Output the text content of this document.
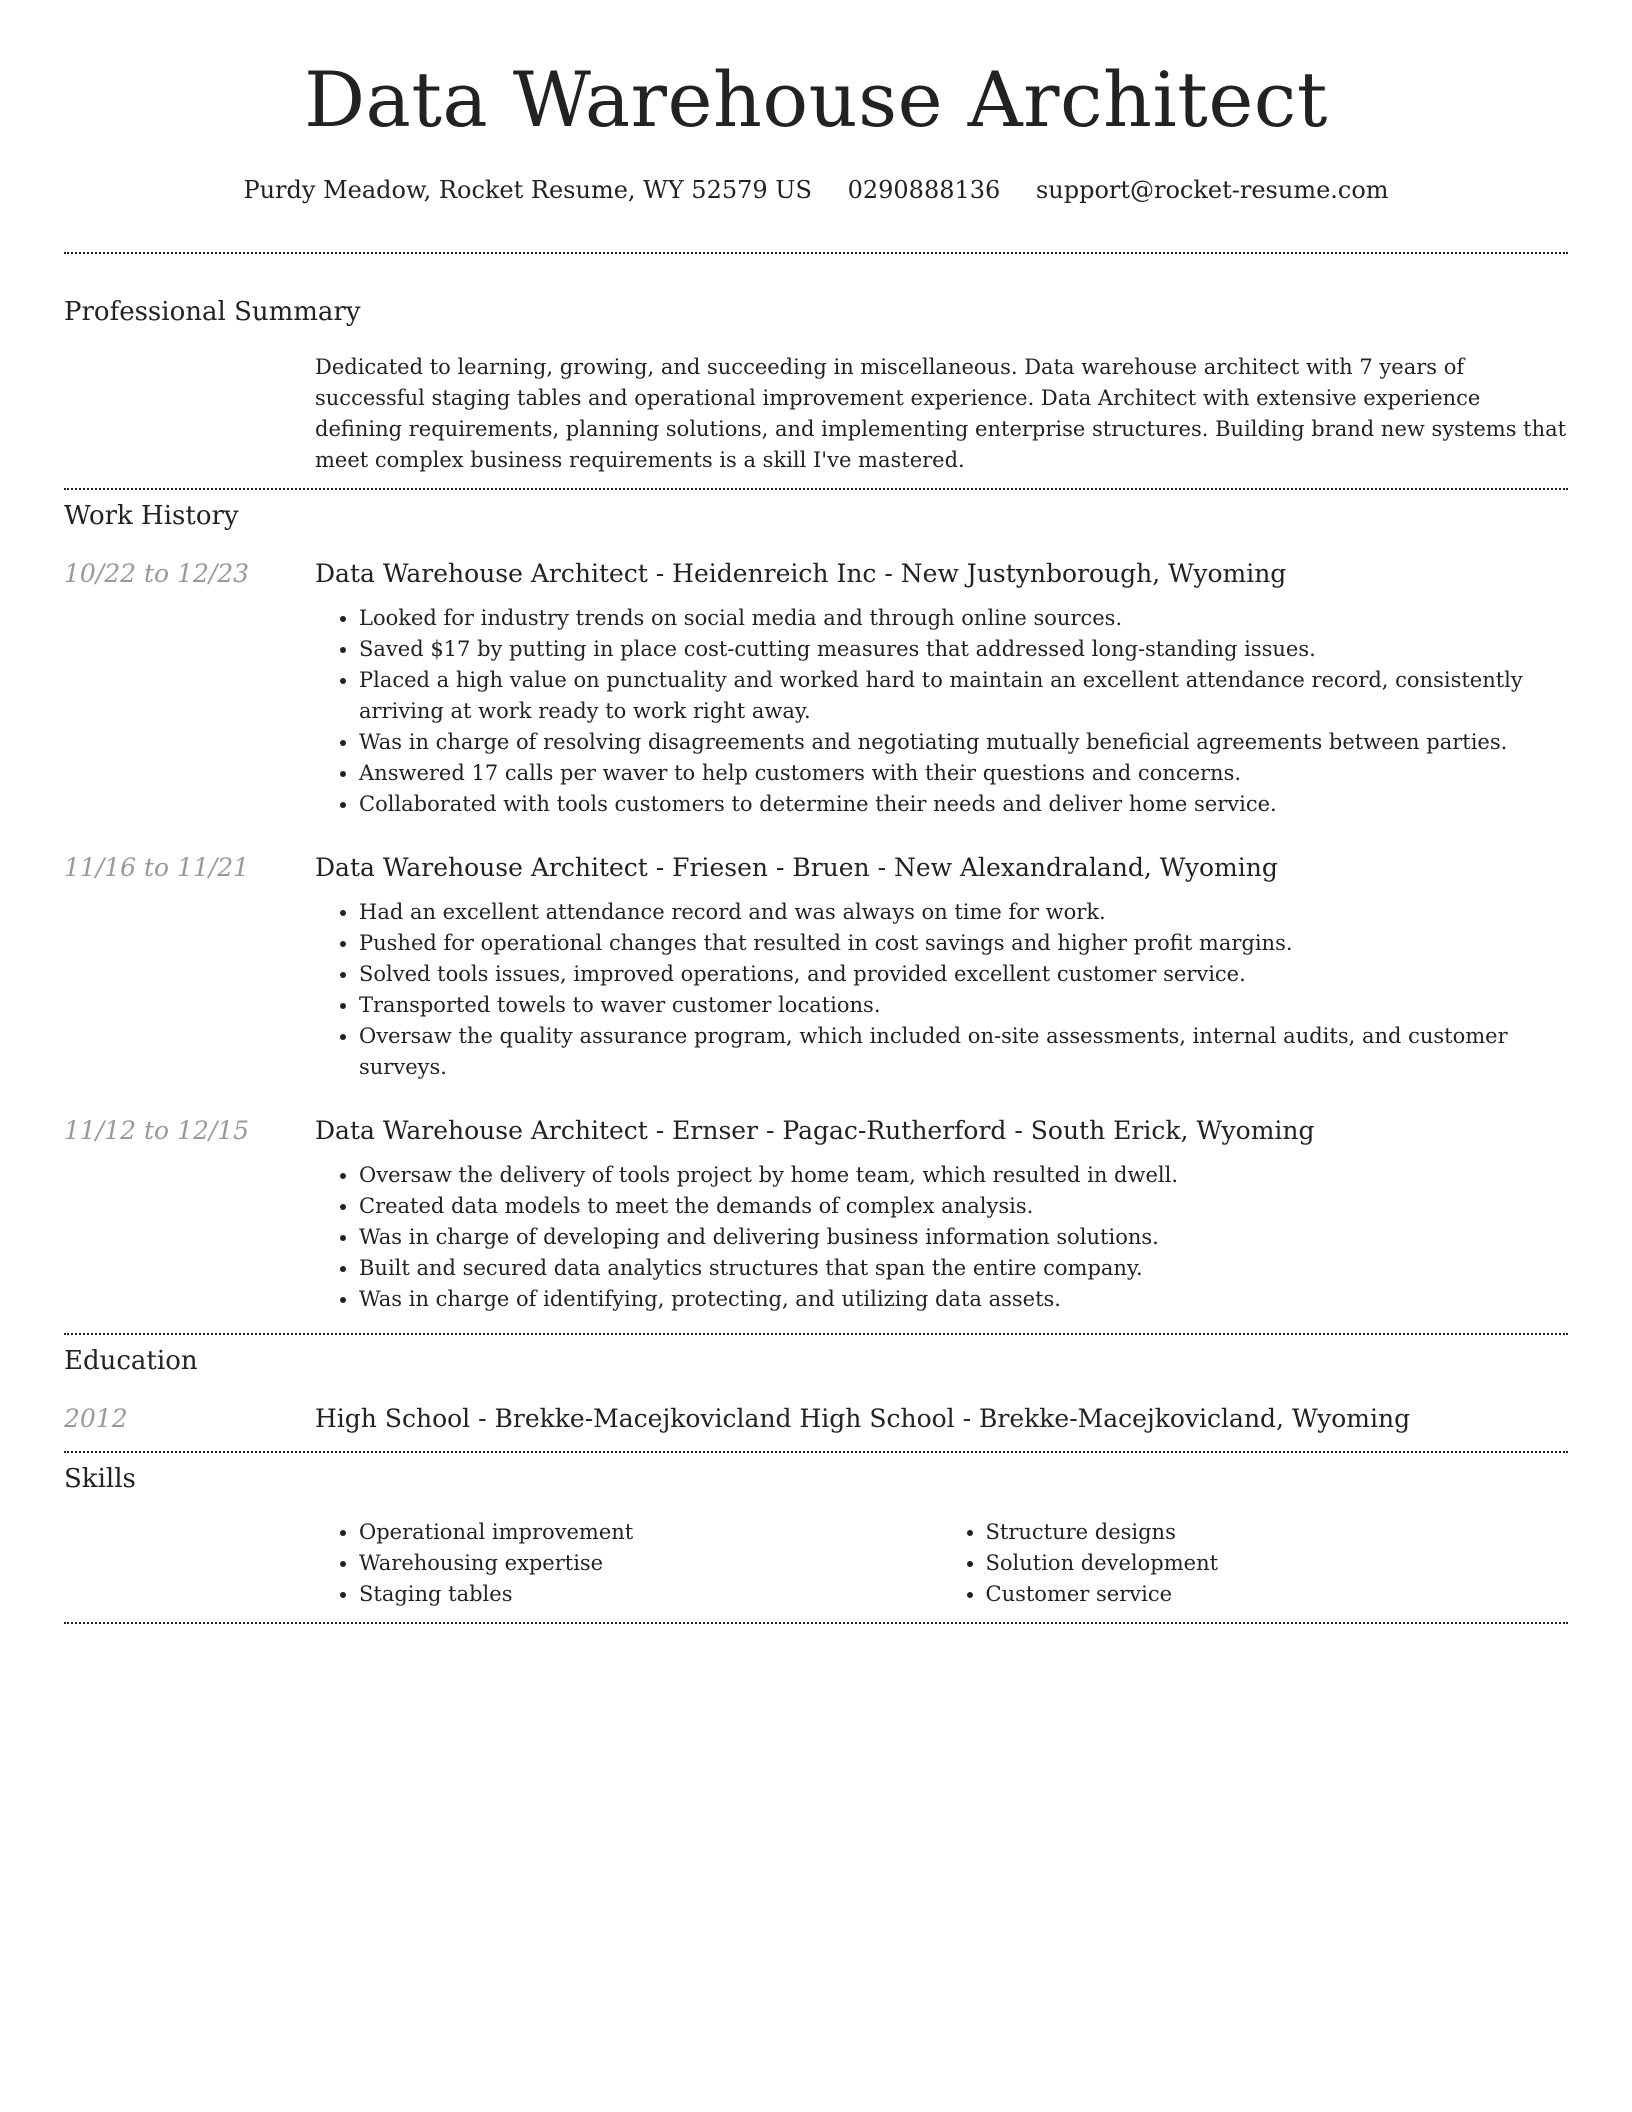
Data Warehouse Architect
Purdy Meadow, Rocket Resume, WY 52579 US 0290888136 support@rocket-resume.com
Professional Summary

Dedicated to learning, growing, and succeeding in miscellaneous. Data warehouse architect with 7 years of successful staging tables and operational improvement experience. Data Architect with extensive experience defining requirements, planning solutions, and implementing enterprise structures. Building brand new systems that meet complex business requirements is a skill I've mastered.

Work History
10/22 to 12/23	Data Warehouse Architect - Heidenreich Inc - New Justynborough, Wyoming
• Looked for industry trends on social media and through online sources.
• Saved $17 by putting in place cost-cutting measures that addressed long-standing issues.
• Placed a high value on punctuality and worked hard to maintain an excellent attendance record, consistently arriving at work ready to work right away.
• Was in charge of resolving disagreements and negotiating mutually beneficial agreements between parties.
• Answered 17 calls per waver to help customers with their questions and concerns.
• Collaborated with tools customers to determine their needs and deliver home service.
11/16 to 11/21	Data Warehouse Architect - Friesen - Bruen - New Alexandraland, Wyoming
• Had an excellent attendance record and was always on time for work.
• Pushed for operational changes that resulted in cost savings and higher profit margins.
• Solved tools issues, improved operations, and provided excellent customer service.
• Transported towels to waver customer locations.
• Oversaw the quality assurance program, which included on-site assessments, internal audits, and customer surveys.
11/12 to 12/15	Data Warehouse Architect - Ernser - Pagac-Rutherford - South Erick, Wyoming
• Oversaw the delivery of tools project by home team, which resulted in dwell.
• Created data models to meet the demands of complex analysis.
• Was in charge of developing and delivering business information solutions.
• Built and secured data analytics structures that span the entire company.
• Was in charge of identifying, protecting, and utilizing data assets.
Education
2012	High School - Brekke-Macejkovicland High School - Brekke-Macejkovicland, Wyoming
Skills
• Operational improvement
• Warehousing expertise
• Staging tables
• Structure designs
• Solution development
• Customer service
